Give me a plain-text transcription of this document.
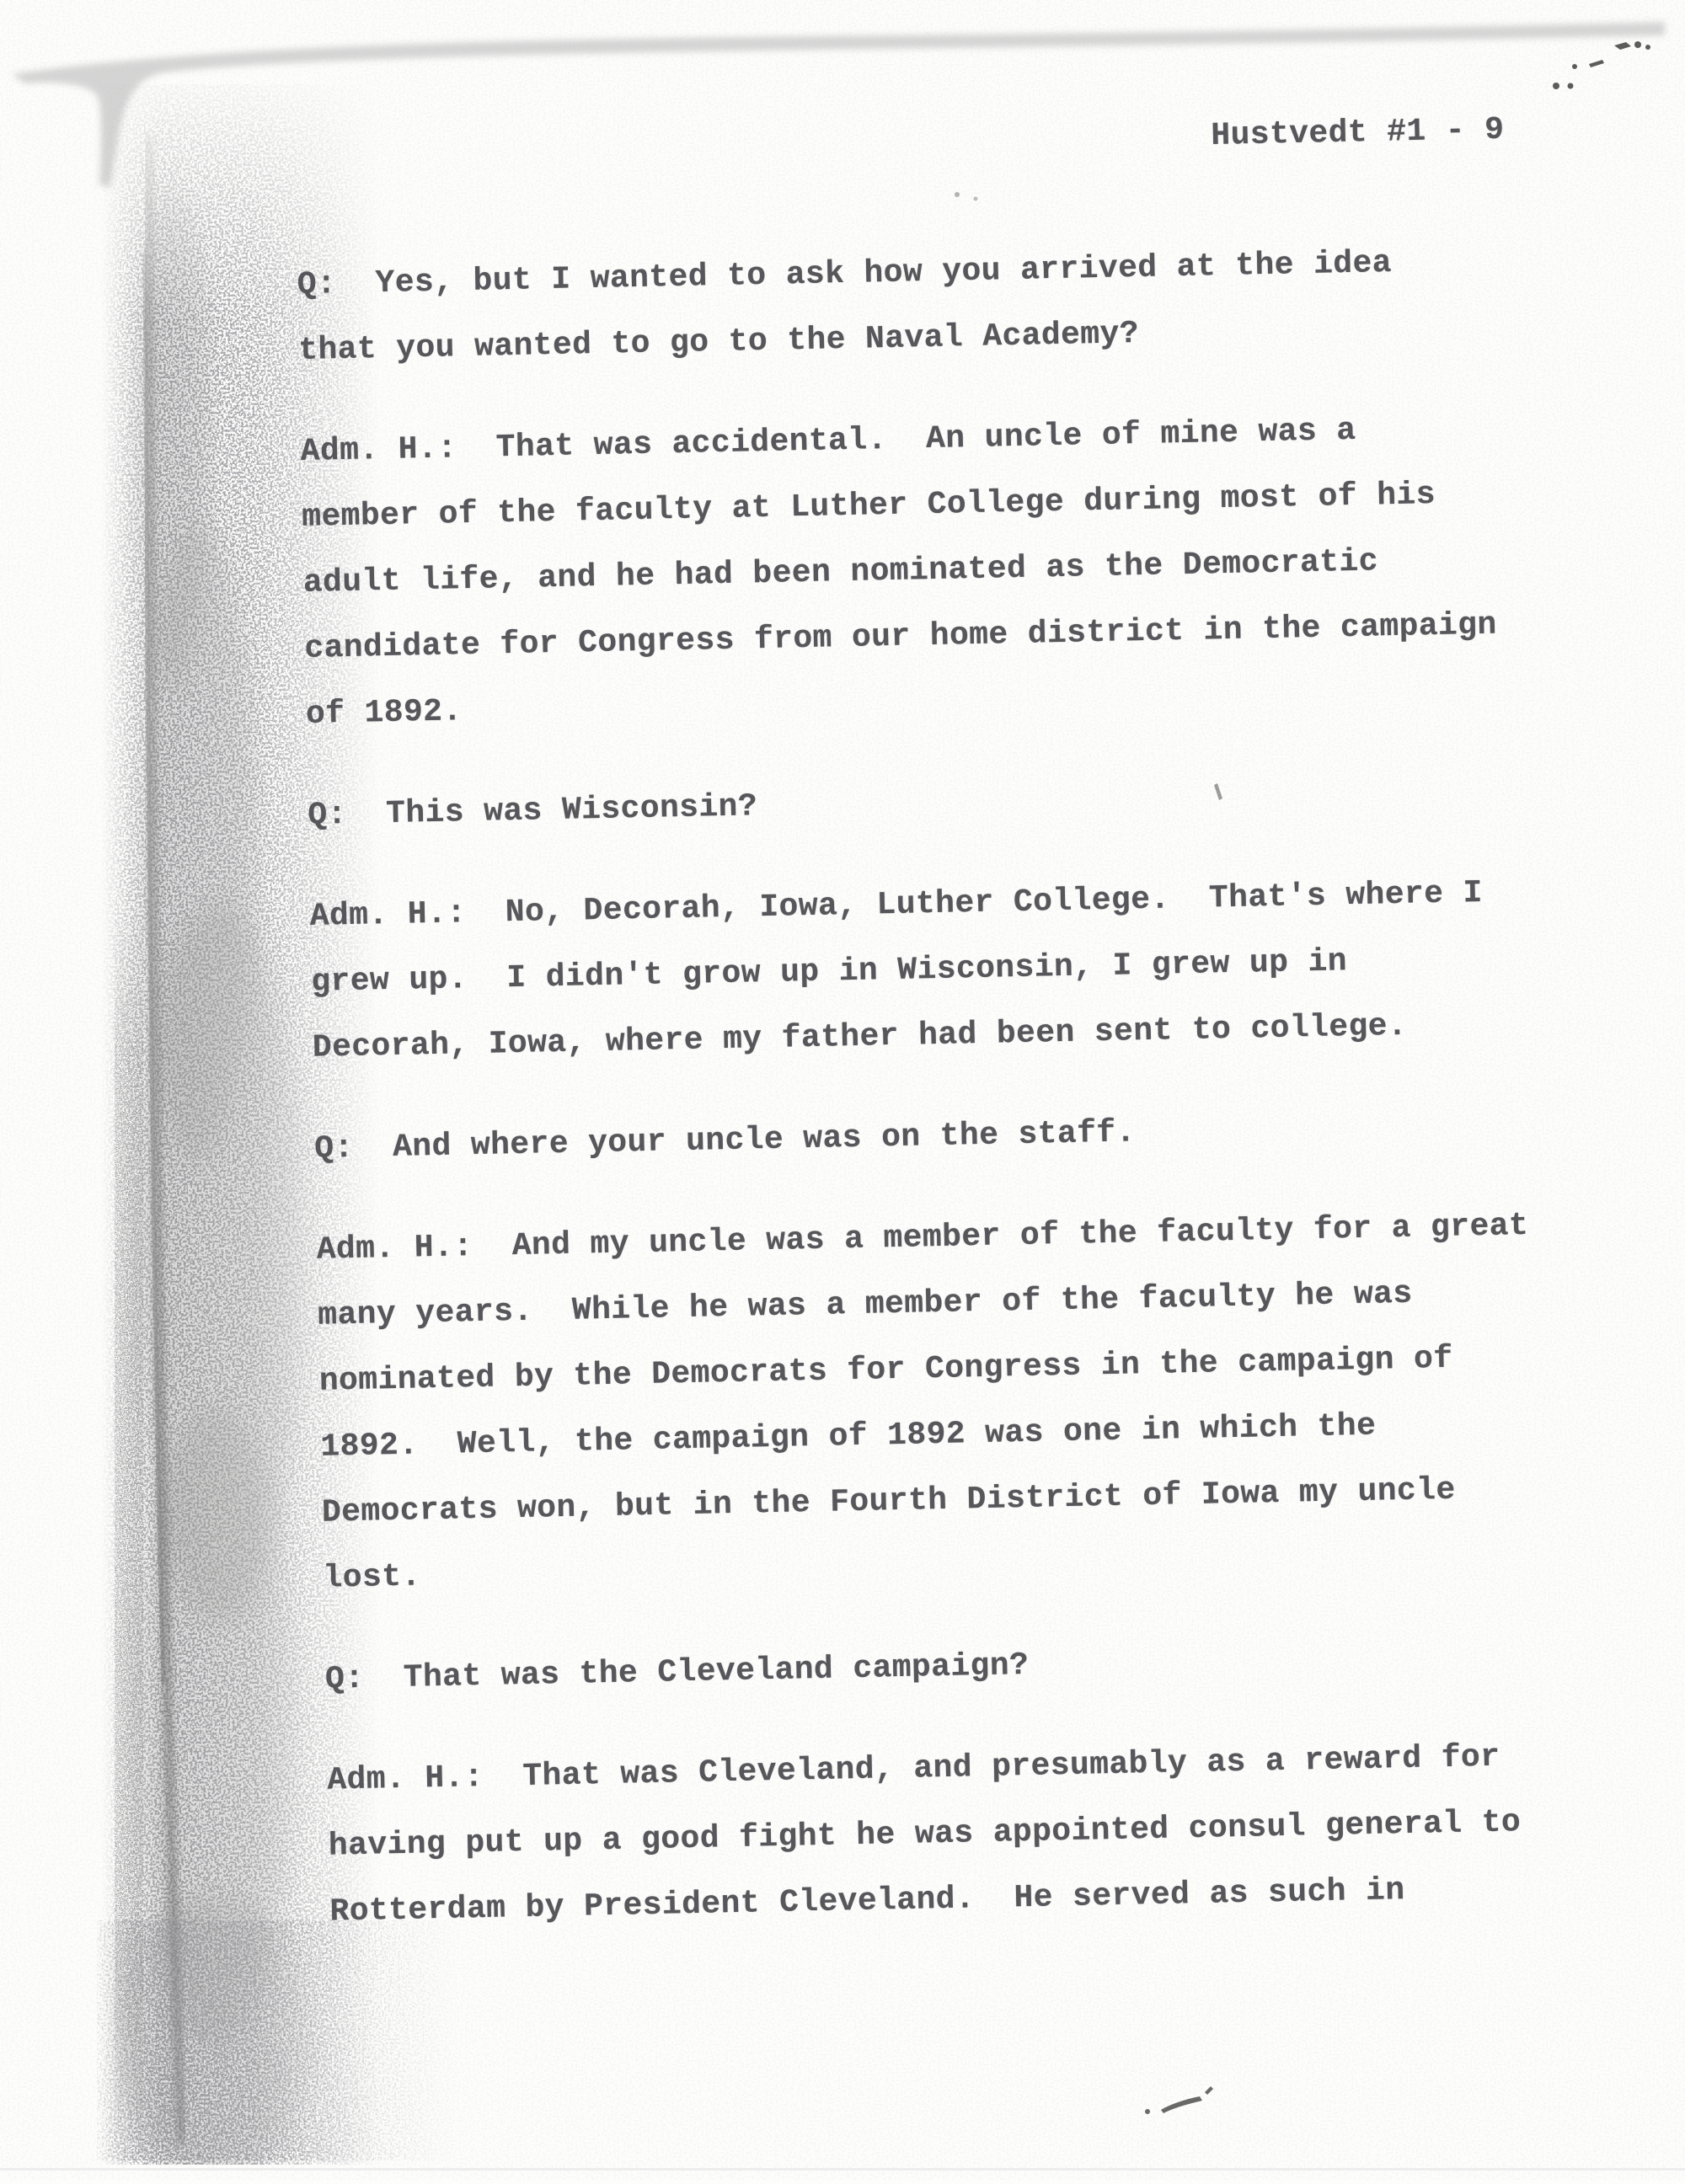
Hustvedt #1 - 9

Q:  Yes, but I wanted to ask how you arrived at the idea
that you wanted to go to the Naval Academy?

Adm. H.:  That was accidental.  An uncle of mine was a
member of the faculty at Luther College during most of his
adult life, and he had been nominated as the Democratic
candidate for Congress from our home district in the campaign
of 1892.

Q:  This was Wisconsin?

Adm. H.:  No, Decorah, Iowa, Luther College.  That's where I
grew up.  I didn't grow up in Wisconsin, I grew up in
Decorah, Iowa, where my father had been sent to college.

Q:  And where your uncle was on the staff.

Adm. H.:  And my uncle was a member of the faculty for a great
many years.  While he was a member of the faculty he was
nominated by the Democrats for Congress in the campaign of
1892.  Well, the campaign of 1892 was one in which the
Democrats won, but in the Fourth District of Iowa my uncle
lost.

Q:  That was the Cleveland campaign?

Adm. H.:  That was Cleveland, and presumably as a reward for
having put up a good fight he was appointed consul general to
Rotterdam by President Cleveland.  He served as such in
